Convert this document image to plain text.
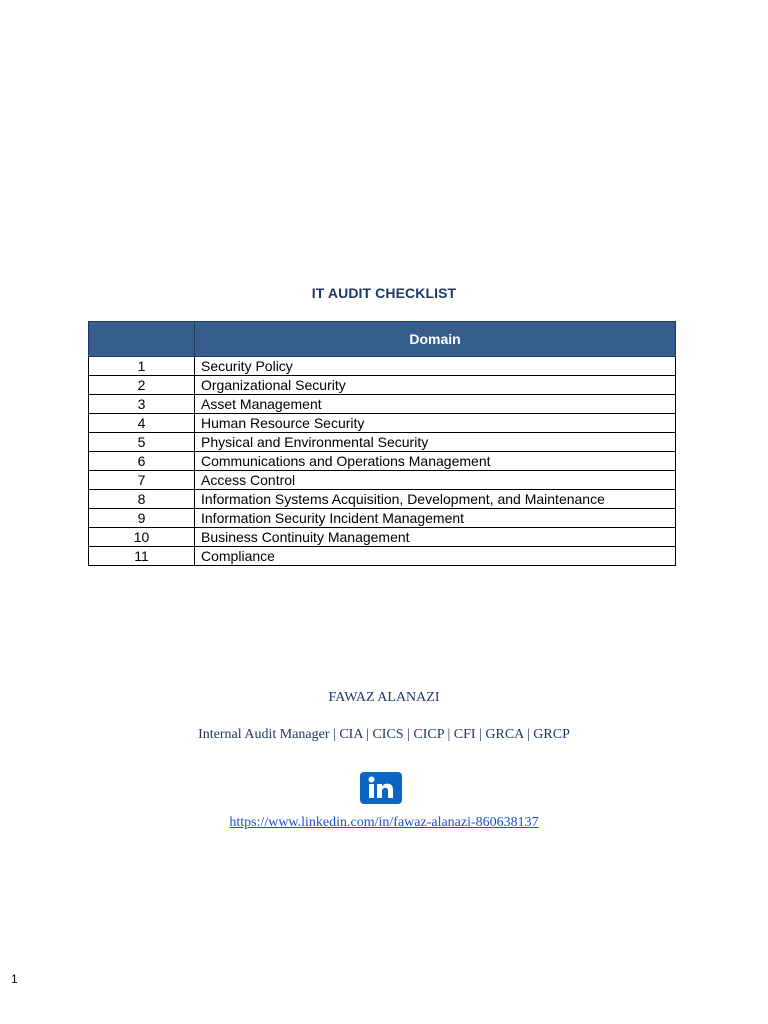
IT AUDIT CHECKLIST
	Domain
1	Security Policy
2	Organizational Security
3	Asset Management
4	Human Resource Security
5	Physical and Environmental Security
6	Communications and Operations Management
7	Access Control
8	Information Systems Acquisition, Development, and Maintenance
9	Information Security Incident Management
10	Business Continuity Management
11	Compliance
FAWAZ ALANAZI
Internal Audit Manager | CIA | CICS | CICP | CFI | GRCA | GRCP
https://www.linkedin.com/in/fawaz-alanazi-860638137
1
